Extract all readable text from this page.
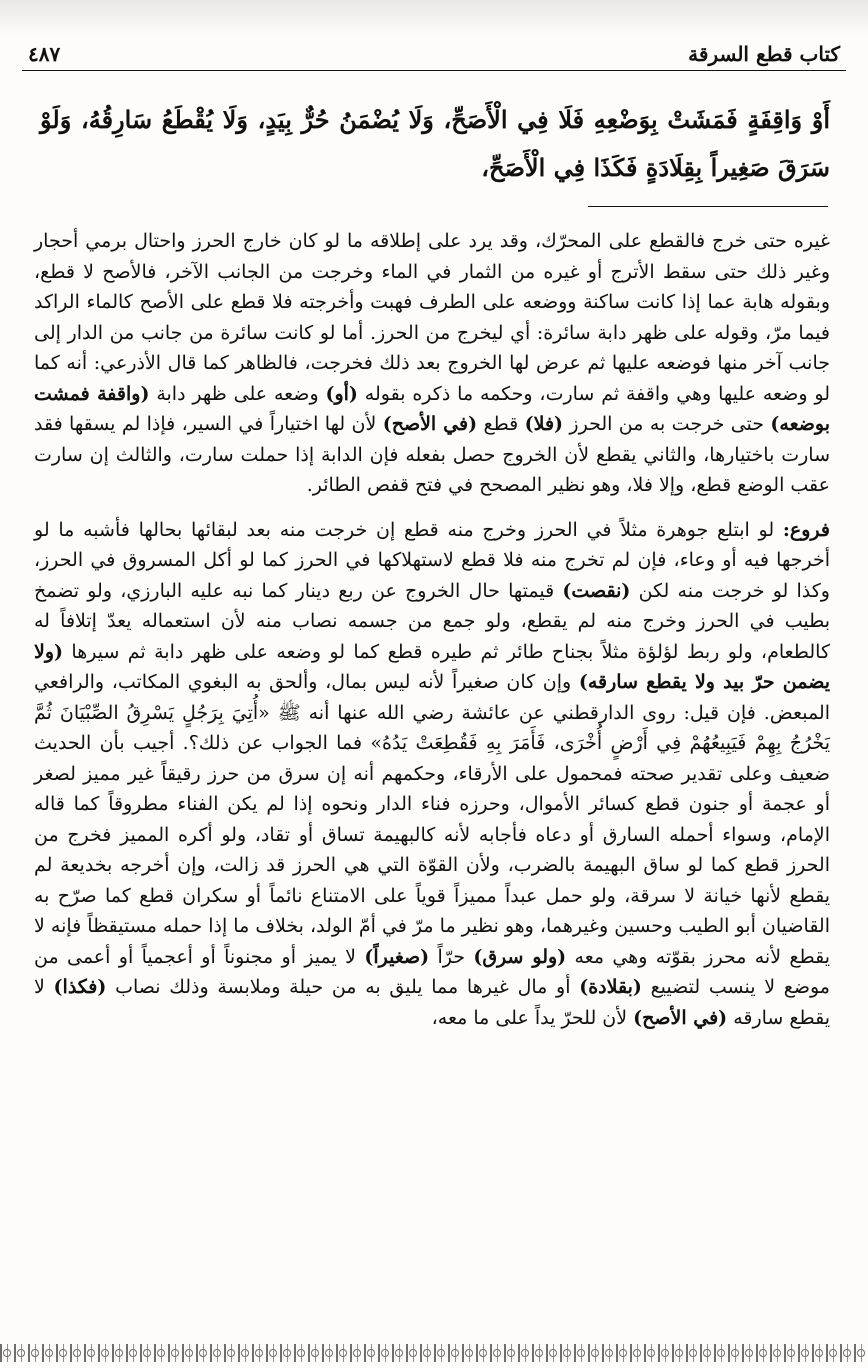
كتاب قطع السرقة
٤٨٧
أَوْ وَاقِفَةٍ فَمَشَتْ بِوَضْعِهِ فَلَا فِي الْأَصَحِّ، وَلَا يُضْمَنُ حُرٌّ بِيَدٍ، وَلَا يُقْطَعُ سَارِقُهُ، وَلَوْ سَرَقَ صَغِيراً بِقِلَادَةٍ فَكَذَا فِي الْأَصَحِّ،

غيره حتى خرج فالقطع على المحرّك، وقد يرد على إطلاقه ما لو كان خارج الحرز واحتال برمي أحجار وغير ذلك حتى سقط الأترج أو غيره من الثمار في الماء وخرجت من الجانب الآخر، فالأصح لا قطع، وبقوله هابة عما إذا كانت ساكنة ووضعه على الطرف فهبت وأخرجته فلا قطع على الأصح كالماء الراكد فيما مرّ، وقوله على ظهر دابة سائرة: أي ليخرج من الحرز. أما لو كانت سائرة من جانب من الدار إلى جانب آخر منها فوضعه عليها ثم عرض لها الخروج بعد ذلك فخرجت، فالظاهر كما قال الأذرعي: أنه كما لو وضعه عليها وهي واقفة ثم سارت، وحكمه ما ذكره بقوله (أو) وضعه على ظهر دابة (واقفة فمشت بوضعه) حتى خرجت به من الحرز (فلا) قطع (في الأصح) لأن لها اختياراً في السير، فإذا لم يسقها فقد سارت باختيارها، والثاني يقطع لأن الخروج حصل بفعله فإن الدابة إذا حملت سارت، والثالث إن سارت عقب الوضع قطع، وإلا فلا، وهو نظير المصحح في فتح قفص الطائر.

فروع: لو ابتلع جوهرة مثلاً في الحرز وخرج منه قطع إن خرجت منه بعد لبقائها بحالها فأشبه ما لو أخرجها فيه أو وعاء، فإن لم تخرج منه فلا قطع لاستهلاكها في الحرز كما لو أكل المسروق في الحرز، وكذا لو خرجت منه لكن (نقصت) قيمتها حال الخروج عن ربع دينار كما نبه عليه البارزي، ولو تضمخ بطيب في الحرز وخرج منه لم يقطع، ولو جمع من جسمه نصاب منه لأن استعماله يعدّ إتلافاً له كالطعام، ولو ربط لؤلؤة مثلاً بجناح طائر ثم طيره قطع كما لو وضعه على ظهر دابة ثم سيرها (ولا يضمن حرّ بيد ولا يقطع سارقه) وإن كان صغيراً لأنه ليس بمال، وألحق به البغوي المكاتب، والرافعي المبعض. فإن قيل: روى الدارقطني عن عائشة رضي الله عنها أنه ﷺ «أُتِيَ بِرَجُلٍ يَسْرِقُ الصِّبْيَانَ ثُمَّ يَخْرُجُ بِهِمْ فَيَبِيعُهُمْ فِي أَرْضٍ أُخْرَى، فَأَمَرَ بِهِ فَقُطِعَتْ يَدُهُ» فما الجواب عن ذلك؟. أجيب بأن الحديث ضعيف وعلى تقدير صحته فمحمول على الأرقاء، وحكمهم أنه إن سرق من حرز رقيقاً غير مميز لصغر أو عجمة أو جنون قطع كسائر الأموال، وحرزه فناء الدار ونحوه إذا لم يكن الفناء مطروقاً كما قاله الإمام، وسواء أحمله السارق أو دعاه فأجابه لأنه كالبهيمة تساق أو تقاد، ولو أكره المميز فخرج من الحرز قطع كما لو ساق البهيمة بالضرب، ولأن القوّة التي هي الحرز قد زالت، وإن أخرجه بخديعة لم يقطع لأنها خيانة لا سرقة، ولو حمل عبداً مميزاً قوياً على الامتناع نائماً أو سكران قطع كما صرّح به القاضيان أبو الطيب وحسين وغيرهما، وهو نظير ما مرّ في أمّ الولد، بخلاف ما إذا حمله مستيقظاً فإنه لا يقطع لأنه محرز بقوّته وهي معه (ولو سرق) حرّاً (صغيراً) لا يميز أو مجنوناً أو أعجمياً أو أعمى من موضع لا ينسب لتضييع (بقلادة) أو مال غيرها مما يليق به من حيلة وملابسة وذلك نصاب (فكذا) لا يقطع سارقه (في الأصح) لأن للحرّ يداً على ما معه،
